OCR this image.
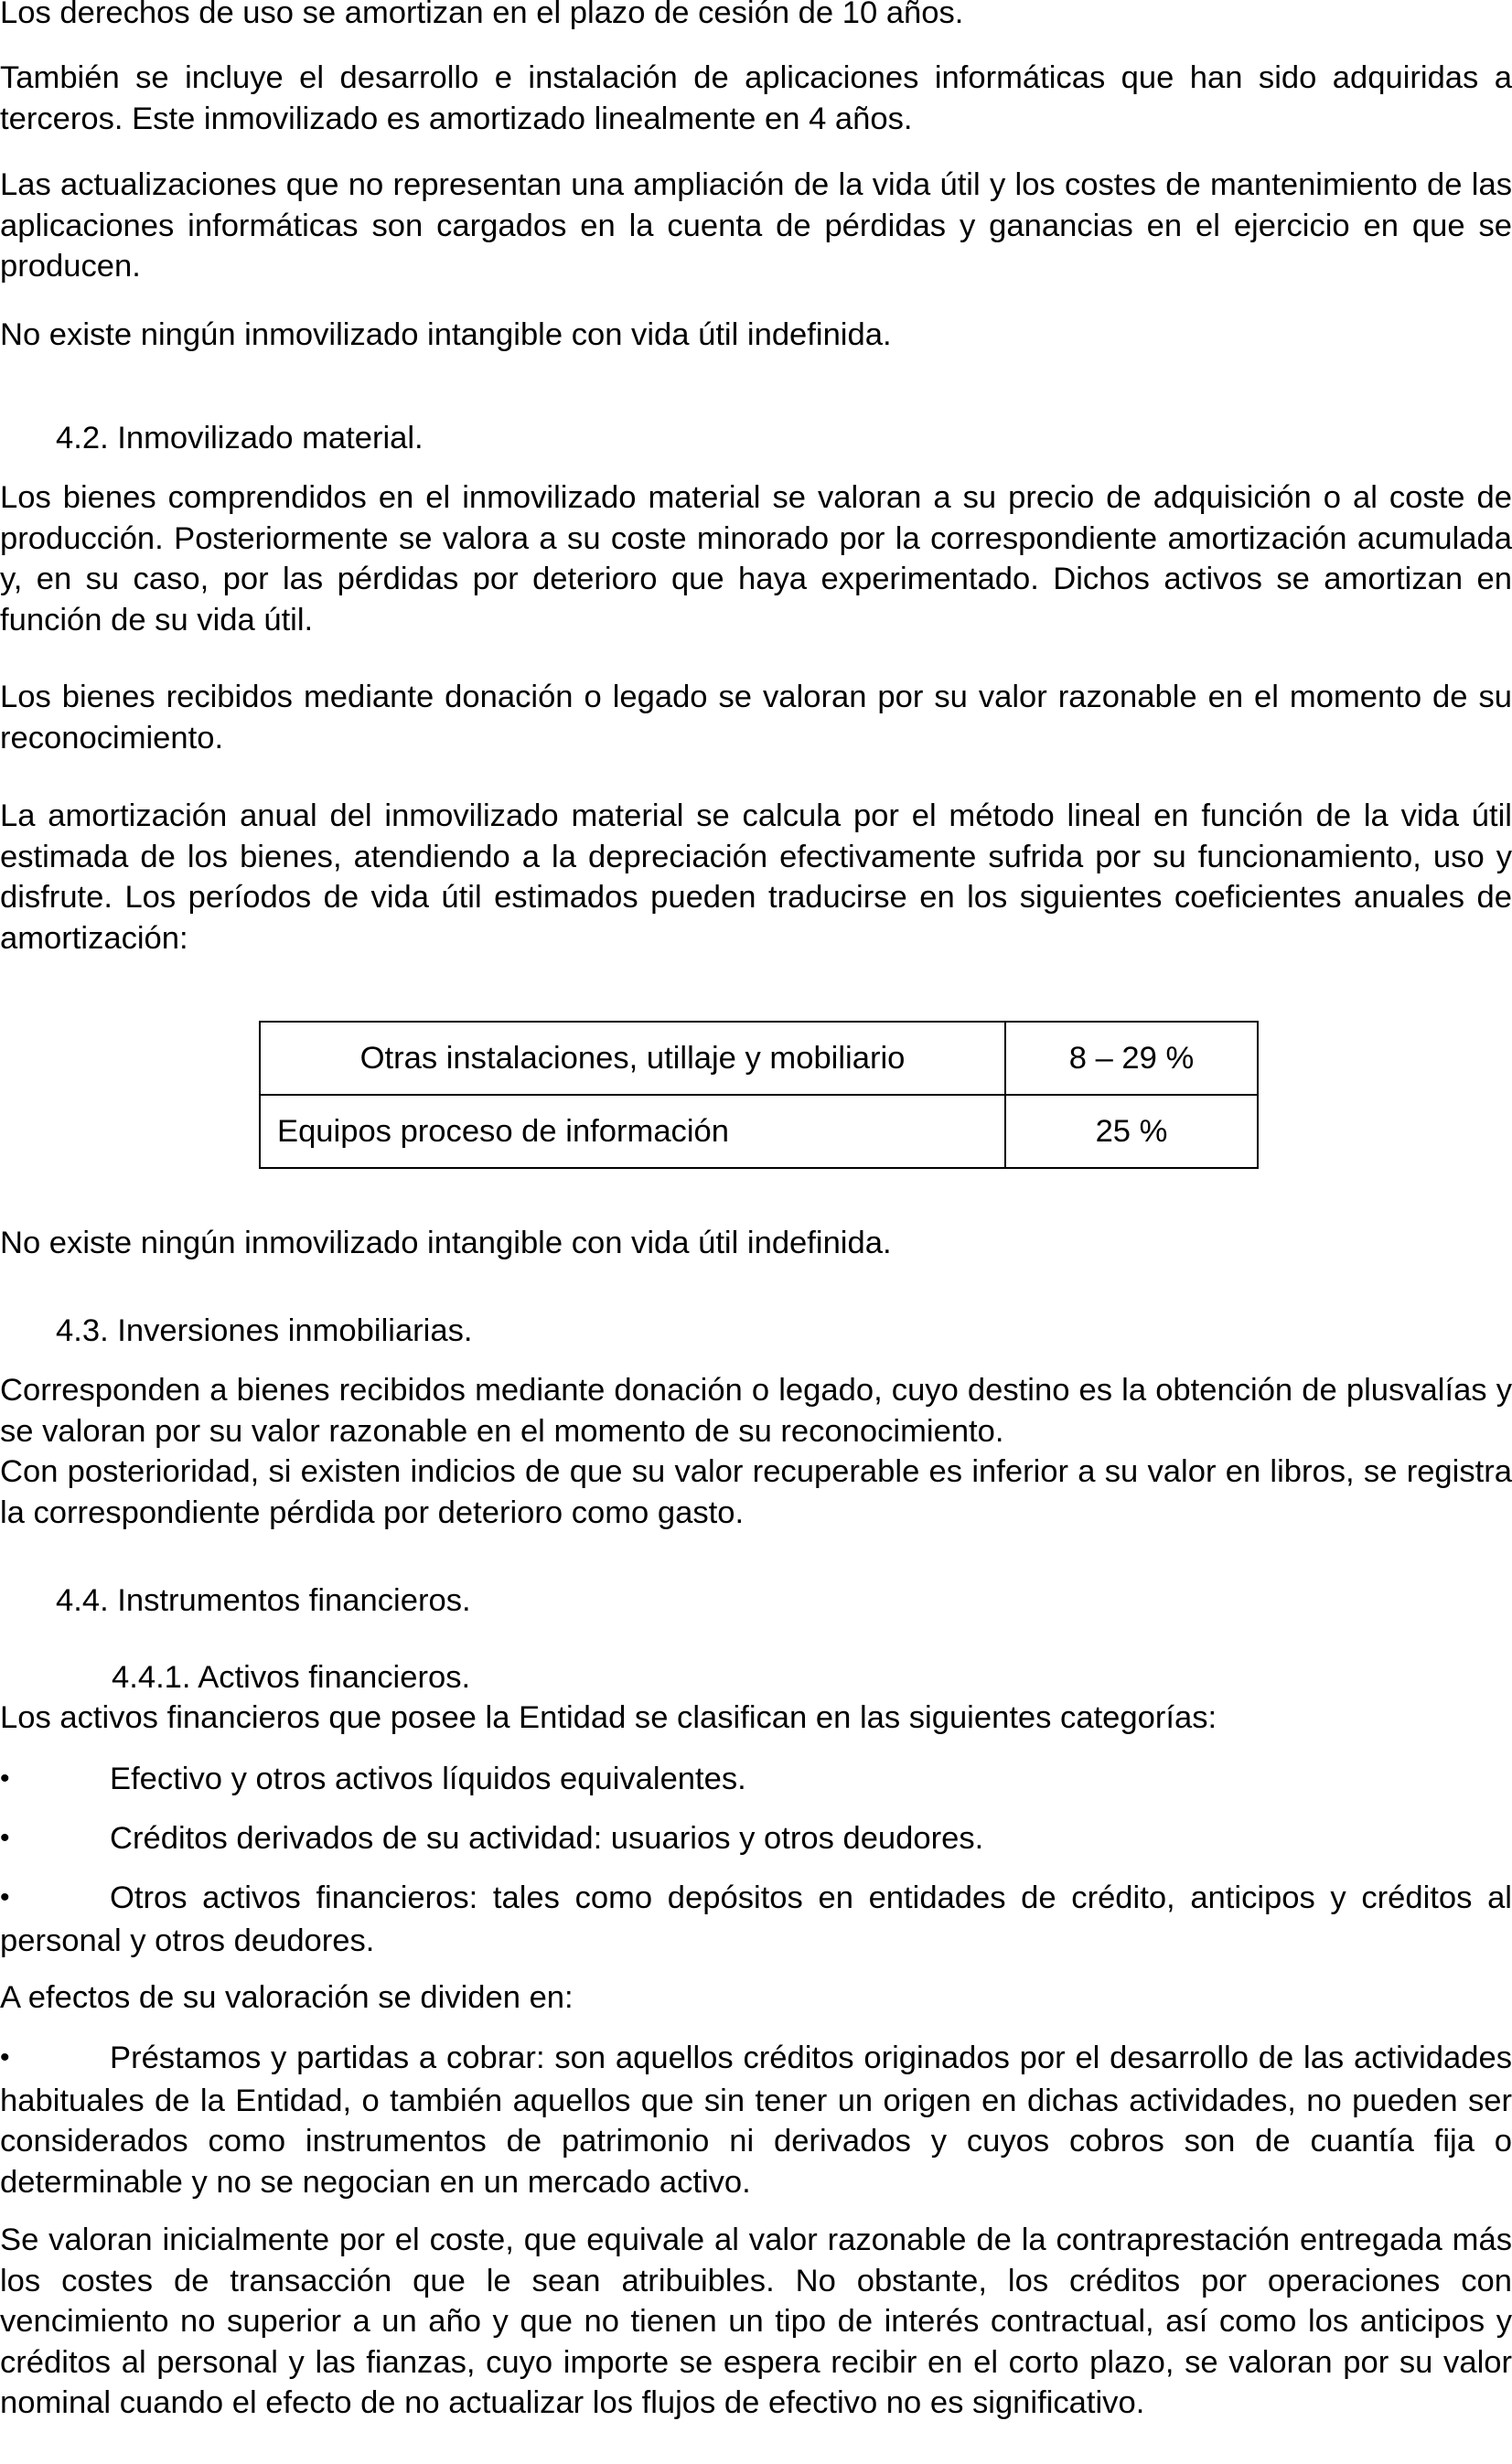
Los derechos de uso se amortizan en el plazo de cesión de 10 años.

También se incluye el desarrollo e instalación de aplicaciones informáticas que han sido adquiridas a terceros. Este inmovilizado es amortizado linealmente en 4 años.

Las actualizaciones que no representan una ampliación de la vida útil y los costes de mantenimiento de las aplicaciones informáticas son cargados en la cuenta de pérdidas y ganancias en el ejercicio en que se producen.

No existe ningún inmovilizado intangible con vida útil indefinida.

4.2. Inmovilizado material.

Los bienes comprendidos en el inmovilizado material se valoran a su precio de adquisición o al coste de producción. Posteriormente se valora a su coste minorado por la correspondiente amortización acumulada y, en su caso, por las pérdidas por deterioro que haya experimentado. Dichos activos se amortizan en función de su vida útil.

Los bienes recibidos mediante donación o legado se valoran por su valor razonable en el momento de su reconocimiento.

La amortización anual del inmovilizado material se calcula por el método lineal en función de la vida útil estimada de los bienes, atendiendo a la depreciación efectivamente sufrida por su funcionamiento, uso y disfrute. Los períodos de vida útil estimados pueden traducirse en los siguientes coeficientes anuales de amortización:

Otras instalaciones, utillaje y mobiliario	8 – 29 %
Equipos proceso de información	25 %

No existe ningún inmovilizado intangible con vida útil indefinida.

4.3. Inversiones inmobiliarias.

Corresponden a bienes recibidos mediante donación o legado, cuyo destino es la obtención de plusvalías y se valoran por su valor razonable en el momento de su reconocimiento.

Con posterioridad, si existen indicios de que su valor recuperable es inferior a su valor en libros, se registra la correspondiente pérdida por deterioro como gasto.

4.4. Instrumentos financieros.

4.4.1. Activos financieros.

Los activos financieros que posee la Entidad se clasifican en las siguientes categorías:

•	Efectivo y otros activos líquidos equivalentes.

•	Créditos derivados de su actividad: usuarios y otros deudores.

•	Otros activos financieros: tales como depósitos en entidades de crédito, anticipos y créditos al personal y otros deudores.

A efectos de su valoración se dividen en:

•	Préstamos y partidas a cobrar: son aquellos créditos originados por el desarrollo de las actividades habituales de la Entidad, o también aquellos que sin tener un origen en dichas actividades, no pueden ser considerados como instrumentos de patrimonio ni derivados y cuyos cobros son de cuantía fija o determinable y no se negocian en un mercado activo.

Se valoran inicialmente por el coste, que equivale al valor razonable de la contraprestación entregada más los costes de transacción que le sean atribuibles. No obstante, los créditos por operaciones con vencimiento no superior a un año y que no tienen un tipo de interés contractual, así como los anticipos y créditos al personal y las fianzas, cuyo importe se espera recibir en el corto plazo, se valoran por su valor nominal cuando el efecto de no actualizar los flujos de efectivo no es significativo.
